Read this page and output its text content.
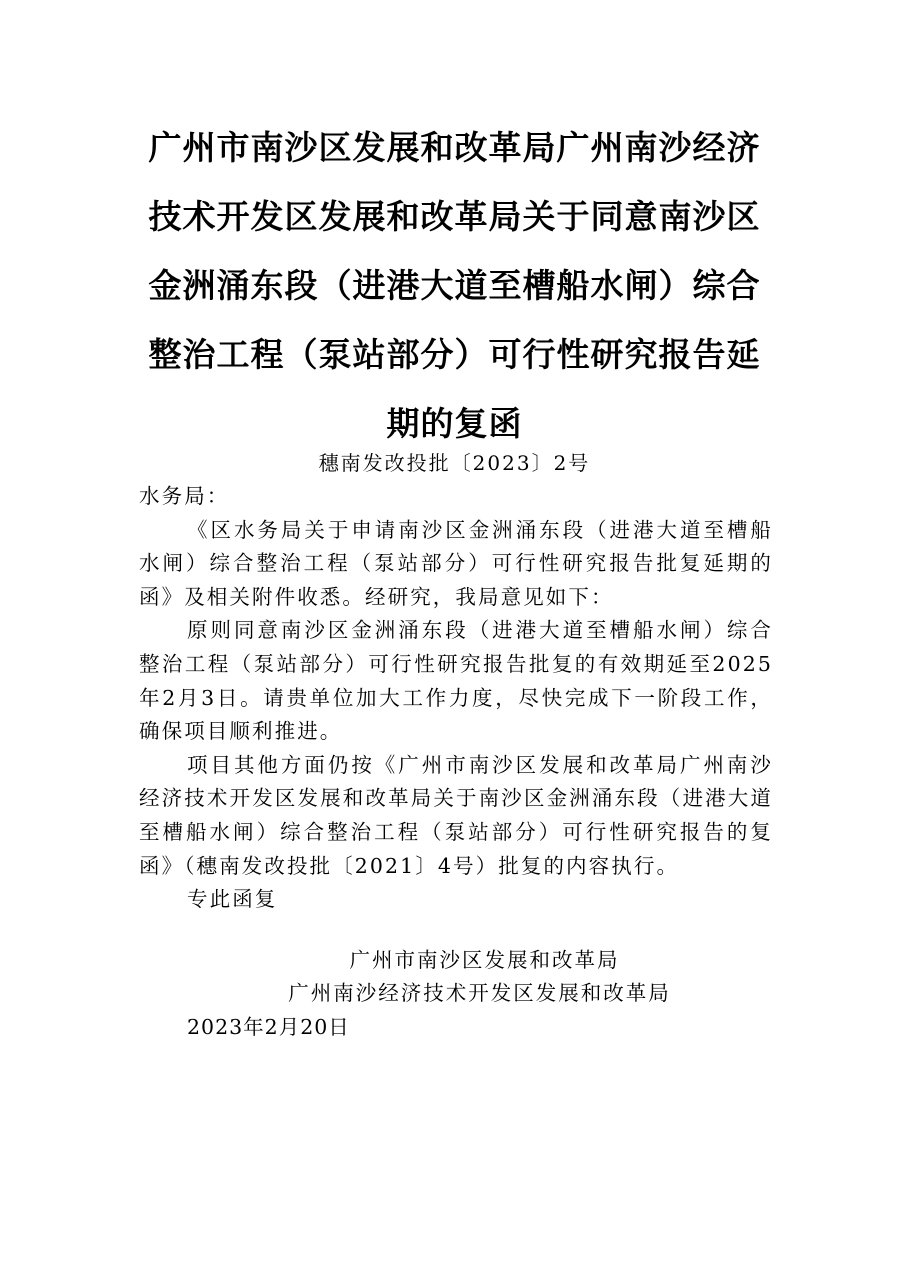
广州市南沙区发展和改革局广州南沙经济
技术开发区发展和改革局关于同意南沙区
金洲涌东段（进港大道至槽船水闸）综合
整治工程（泵站部分）可行性研究报告延
期的复函
穗南发改投批〔2023〕2号

水务局：

《区水务局关于申请南沙区金洲涌东段（进港大道至槽船水闸）综合整治工程（泵站部分）可行性研究报告批复延期的函》及相关附件收悉。经研究，我局意见如下：

原则同意南沙区金洲涌东段（进港大道至槽船水闸）综合整治工程（泵站部分）可行性研究报告批复的有效期延至2025年2月3日。请贵单位加大工作力度，尽快完成下一阶段工作，确保项目顺利推进。

项目其他方面仍按《广州市南沙区发展和改革局广州南沙经济技术开发区发展和改革局关于南沙区金洲涌东段（进港大道至槽船水闸）综合整治工程（泵站部分）可行性研究报告的复函》（穗南发改投批〔2021〕4号）批复的内容执行。

专此函复

广州市南沙区发展和改革局
广州南沙经济技术开发区发展和改革局
2023年2月20日
